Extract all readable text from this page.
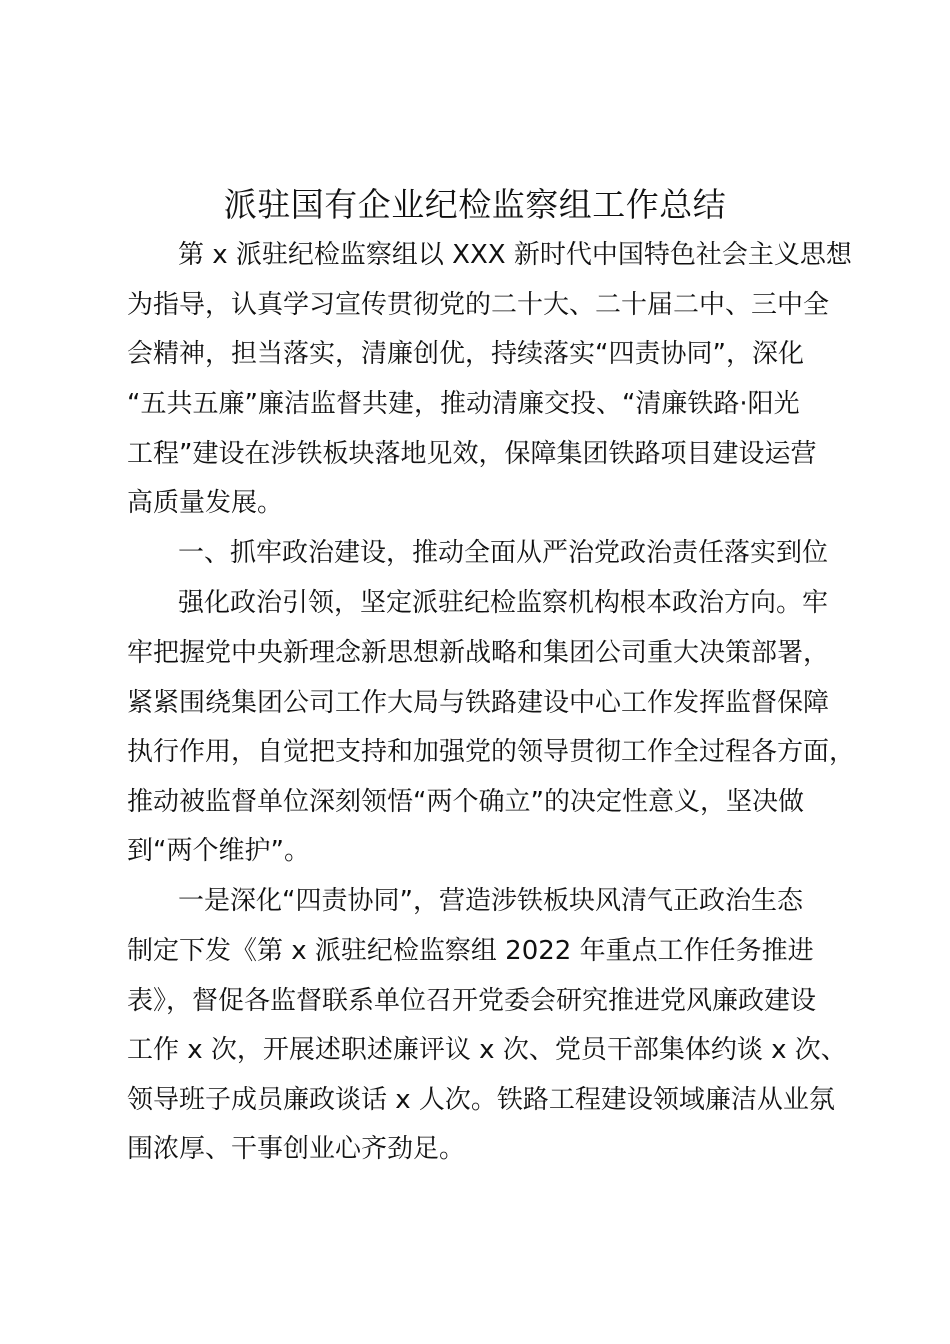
派驻国有企业纪检监察组工作总结

第 x 派驻纪检监察组以 XXX 新时代中国特色社会主义思想

为指导，认真学习宣传贯彻党的二十大、二十届二中、三中全

会精神，担当落实，清廉创优，持续落实“四责协同”，深化

“五共五廉”廉洁监督共建，推动清廉交投、“清廉铁路·阳光

工程”建设在涉铁板块落地见效，保障集团铁路项目建设运营

高质量发展。

一、抓牢政治建设，推动全面从严治党政治责任落实到位

强化政治引领，坚定派驻纪检监察机构根本政治方向。牢

牢把握党中央新理念新思想新战略和集团公司重大决策部署，

紧紧围绕集团公司工作大局与铁路建设中心工作发挥监督保障

执行作用，自觉把支持和加强党的领导贯彻工作全过程各方面，

推动被监督单位深刻领悟“两个确立”的决定性意义，坚决做

到“两个维护”。

一是深化“四责协同”，营造涉铁板块风清气正政治生态

制定下发《第 x 派驻纪检监察组 2022 年重点工作任务推进

表》，督促各监督联系单位召开党委会研究推进党风廉政建设

工作 x 次，开展述职述廉评议 x 次、党员干部集体约谈 x 次、

领导班子成员廉政谈话 x 人次。铁路工程建设领域廉洁从业氛

围浓厚、干事创业心齐劲足。
